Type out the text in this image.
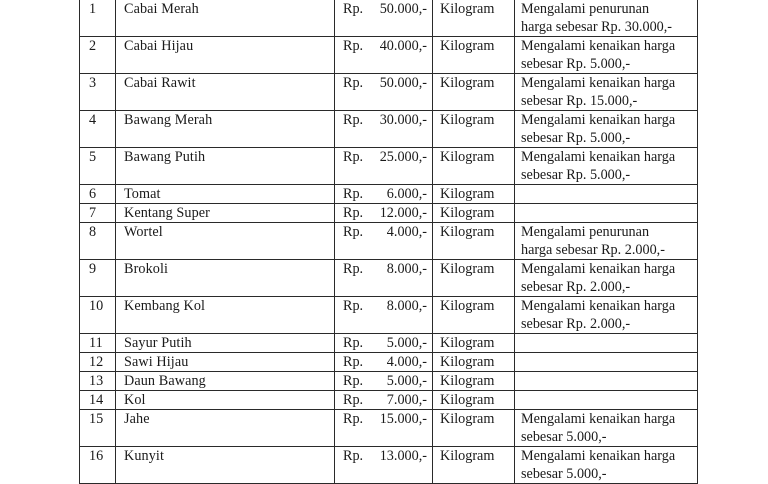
1	Cabai Merah	Rp. 50.000,-	Kilogram	Mengalami penurunan
harga sebesar Rp. 30.000,-

2	Cabai Hijau	Rp. 40.000,-	Kilogram	Mengalami kenaikan harga
sebesar Rp. 5.000,-

3	Cabai Rawit	Rp. 50.000,-	Kilogram	Mengalami kenaikan harga
sebesar Rp. 15.000,-

4	Bawang Merah	Rp. 30.000,-	Kilogram	Mengalami kenaikan harga
sebesar Rp. 5.000,-

5	Bawang Putih	Rp. 25.000,-	Kilogram	Mengalami kenaikan harga
sebesar Rp. 5.000,-

6	Tomat	Rp. 6.000,-	Kilogram	
7	Kentang Super	Rp. 12.000,-	Kilogram	
8	Wortel	Rp. 4.000,-	Kilogram	Mengalami penurunan
harga sebesar Rp. 2.000,-

9	Brokoli	Rp. 8.000,-	Kilogram	Mengalami kenaikan harga
sebesar Rp. 2.000,-

10	Kembang Kol	Rp. 8.000,-	Kilogram	Mengalami kenaikan harga
sebesar Rp. 2.000,-

11	Sayur Putih	Rp. 5.000,-	Kilogram	
12	Sawi Hijau	Rp. 4.000,-	Kilogram	
13	Daun Bawang	Rp. 5.000,-	Kilogram	
14	Kol	Rp. 7.000,-	Kilogram	
15	Jahe	Rp. 15.000,-	Kilogram	Mengalami kenaikan harga
sebesar 5.000,-

16	Kunyit	Rp. 13.000,-	Kilogram	Mengalami kenaikan harga
sebesar 5.000,-
